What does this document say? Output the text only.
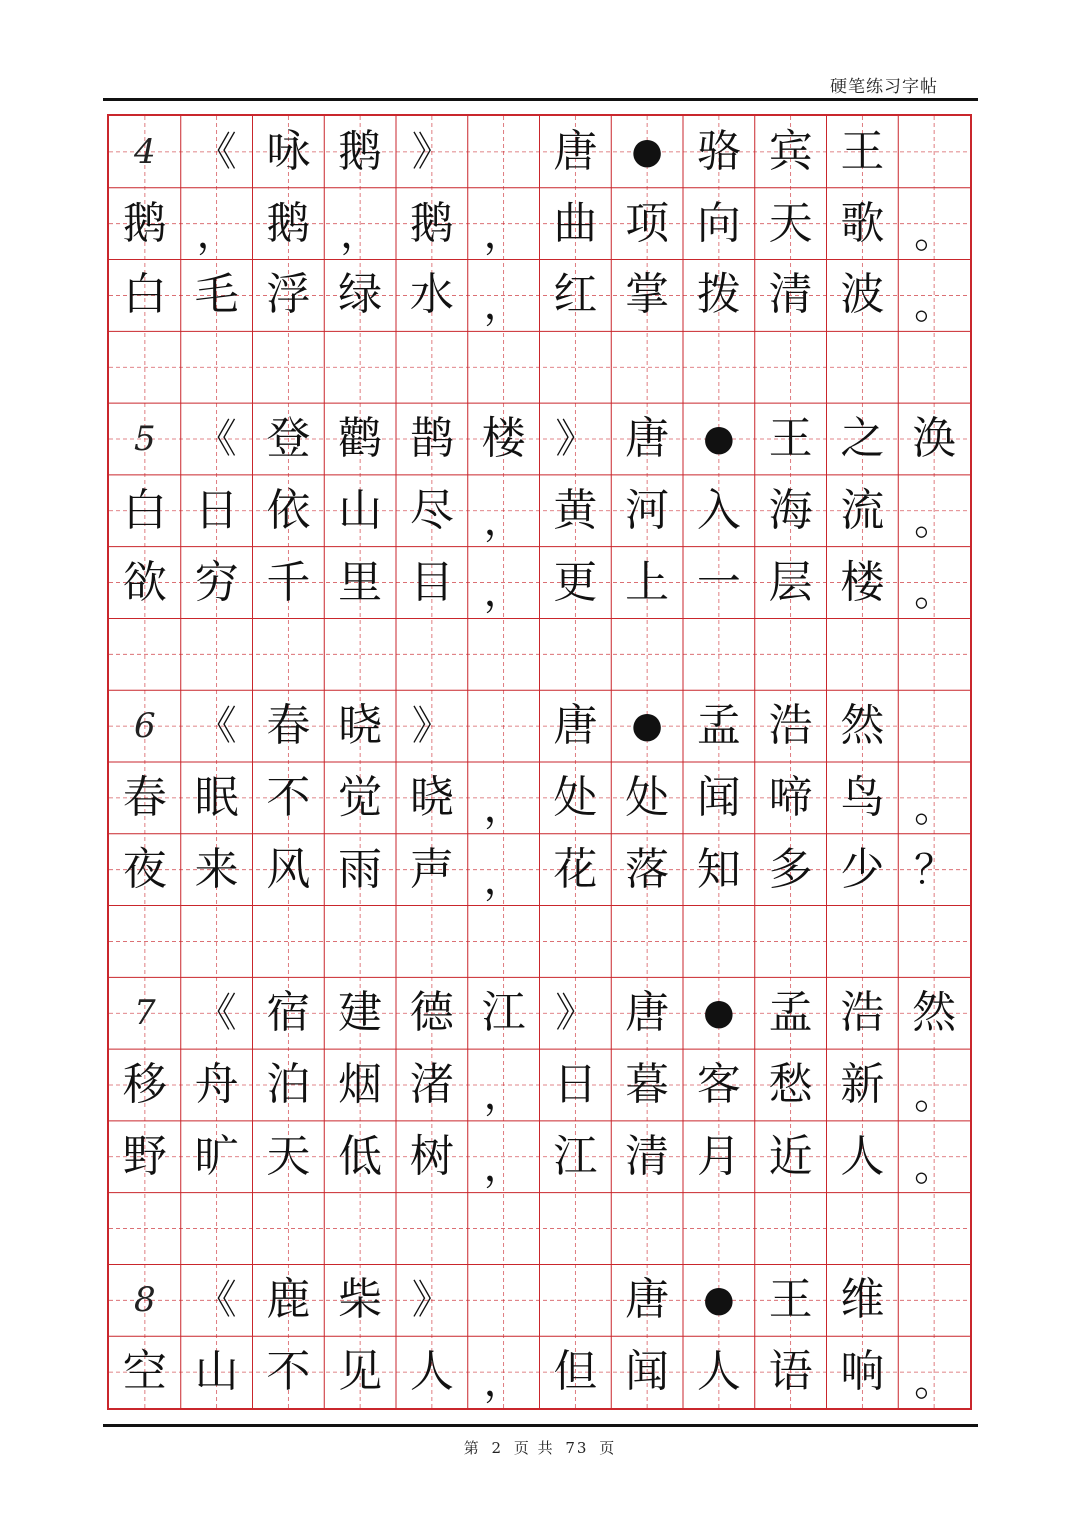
硬笔练习字帖
4 《 咏 鹅 》 唐 ● 骆 宾 王
鹅 ， 鹅 ， 鹅 ， 曲 项 向 天 歌 。
白 毛 浮 绿 水 ， 红 掌 拨 清 波 。
5 《 登 鹳 鹊 楼 》 唐 ● 王 之 涣
白 日 依 山 尽 ， 黄 河 入 海 流 。
欲 穷 千 里 目 ， 更 上 一 层 楼 。
6 《 春 晓 》 唐 ● 孟 浩 然
春 眠 不 觉 晓 ， 处 处 闻 啼 鸟 。
夜 来 风 雨 声 ， 花 落 知 多 少 ？
7 《 宿 建 德 江 》 唐 ● 孟 浩 然
移 舟 泊 烟 渚 ， 日 暮 客 愁 新 。
野 旷 天 低 树 ， 江 清 月 近 人 。
8 《 鹿 柴 》	唐 ● 王 维
空 山 不 见 人 ， 但 闻 人 语 响 。
第 2 页 共 73 页
